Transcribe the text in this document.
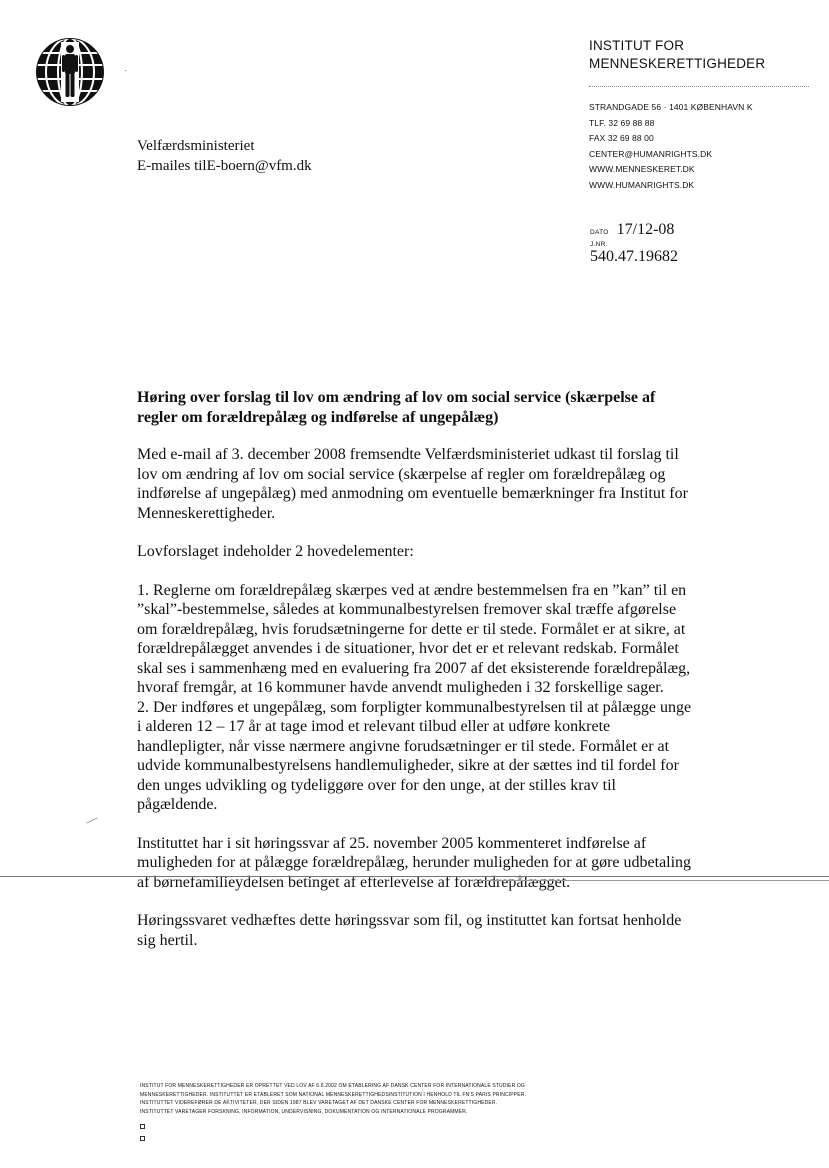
·
INSTITUT FOR
MENNESKERETTIGHEDER
STRANDGADE 56 · 1401 KØBENHAVN K
TLF. 32 69 88 88
FAX 32 69 88 00
CENTER@HUMANRIGHTS.DK
WWW.MENNESKERET.DK
WWW.HUMANRIGHTS.DK
Velfærdsministeriet
E-mailes tilE-boern@vfm.dk
DATO 17/12-08
J.NR.
540.47.19682

Høring over forslag til lov om ændring af lov om social service (skærpelse af regler om forældrepålæg og indførelse af ungepålæg)

Med e-mail af 3. december 2008 fremsendte Velfærdsministeriet udkast til forslag til lov om ændring af lov om social service (skærpelse af regler om forældrepålæg og indførelse af ungepålæg) med anmodning om eventuelle bemærkninger fra Institut for Menneskerettigheder.

Lovforslaget indeholder 2 hovedelementer:

1. Reglerne om forældrepålæg skærpes ved at ændre bestemmelsen fra en ”kan” til en ”skal”-bestemmelse, således at kommunalbestyrelsen fremover skal træffe afgørelse om forældrepålæg, hvis forudsætningerne for dette er til stede. Formålet er at sikre, at forældrepålægget anvendes i de situationer, hvor det er et relevant redskab. Formålet skal ses i sammenhæng med en evaluering fra 2007 af det eksisterende forældrepålæg, hvoraf fremgår, at 16 kommuner havde anvendt muligheden i 32 forskellige sager.

2. Der indføres et ungepålæg, som forpligter kommunalbestyrelsen til at pålægge unge i alderen 12 – 17 år at tage imod et relevant tilbud eller at udføre konkrete handlepligter, når visse nærmere angivne forudsætninger er til stede. Formålet er at udvide kommunalbestyrelsens handlemuligheder, sikre at der sættes ind til fordel for den unges udvikling og tydeliggøre over for den unge, at der stilles krav til pågældende.

Instituttet har i sit høringssvar af 25. november 2005 kommenteret indførelse af muligheden for at pålægge forældrepålæg, herunder muligheden for at gøre udbetaling af børnefamilieydelsen betinget af efterlevelse af forældrepålægget.

Høringssvaret vedhæftes dette høringssvar som fil, og instituttet kan fortsat henholde sig hertil.

INSTITUT FOR MENNESKERETTIGHEDER ER OPRETTET VED LOV AF 6.6.2002 OM ETABLERING AF DANSK CENTER FOR INTERNATIONALE STUDIER OG
MENNESKERETTIGHEDER. INSTITUTTET ER ETABLERET SOM NATIONAL MENNESKERETTIGHEDSINSTITUTION I HENHOLD TIL FN'S PARIS PRINCIPPER.
INSTITUTTET VIDEREFØRER DE AKTIVITETER, DER SIDEN 1987 BLEV VARETAGET AF DET DANSKE CENTER FOR MENNESKERETTIGHEDER.
INSTITUTTET VARETAGER FORSKNING, INFORMATION, UNDERVISNING, DOKUMENTATION OG INTERNATIONALE PROGRAMMER.
